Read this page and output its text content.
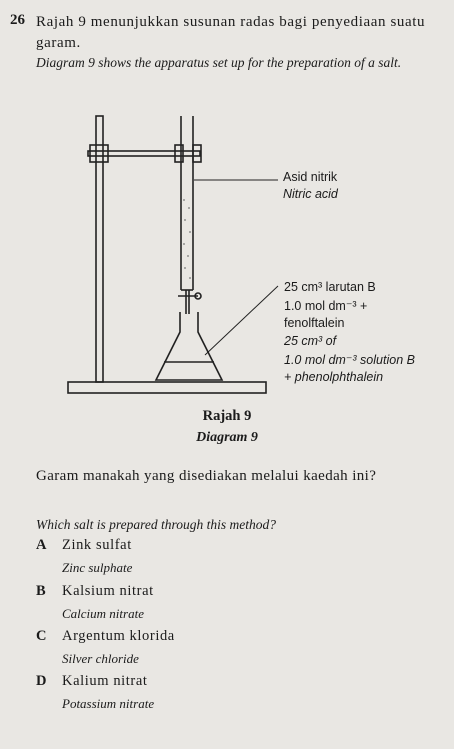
26 Rajah 9 menunjukkan susunan radas bagi penyediaan suatu garam.
Diagram 9 shows the apparatus set up for the preparation of a salt.
Asid nitrik
Nitric acid
25 cm³ larutan B
1.0 mol dm⁻³ +
fenolftalein
25 cm³ of
1.0 mol dm⁻³ solution B
+ phenolphthalein
Rajah 9
Diagram 9
Garam manakah yang disediakan melalui kaedah ini?
Which salt is prepared through this method?
A Zink sulfat
Zinc sulphate
B Kalsium nitrat
Calcium nitrate
C Argentum klorida
Silver chloride
D Kalium nitrat
Potassium nitrate
